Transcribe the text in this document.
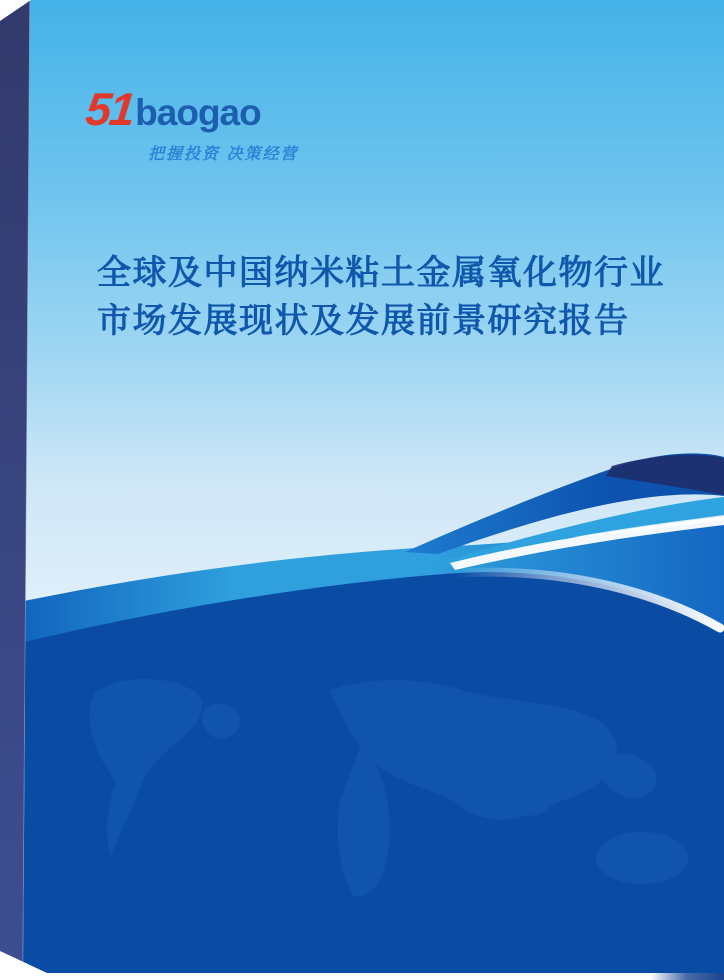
51baogao
把握投资 决策经营
全球及中国纳米粘土金属氧化物行业
市场发展现状及发展前景研究报告
